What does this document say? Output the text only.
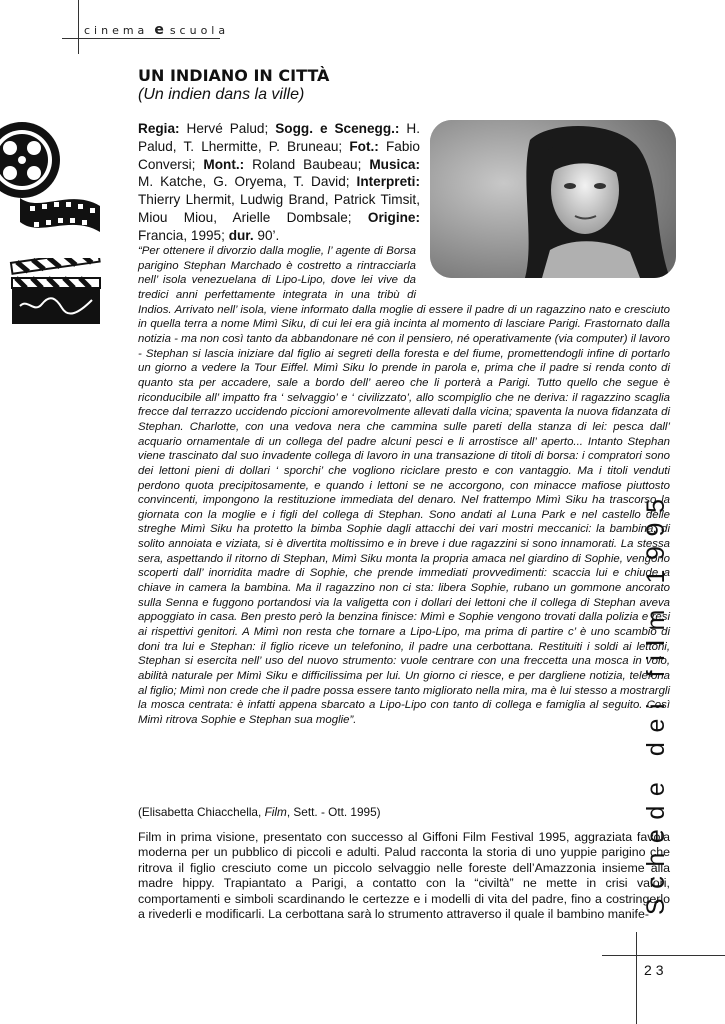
cinema e scuola
UN INDIANO IN CITTÀ
(Un indien dans la ville)
Regia: Hervé Palud; Sogg. e Scenegg.: H. Palud, T. Lhermitte, P. Bruneau; Fot.: Fabio Conversi; Mont.: Roland Baubeau; Musica: M. Katche, G. Oryema, T. David; Interpreti: Thierry Lhermit, Ludwig Brand, Patrick Timsit, Miou Miou, Arielle Dombsale; Origine: Francia, 1995; dur. 90’.

“Per ottenere il divorzio dalla moglie, l’ agente di Borsa parigino Stephan Marchado è costretto a rintracciarla nell’ isola venezuelana di Lipo-Lipo, dove lei vive da tredici anni perfettamente integrata in una tribù di Indios. Arrivato nell’ isola, viene informato dalla moglie di essere il padre di un ragazzino nato e cresciuto in quella terra a nome Mimì Siku, di cui lei era già incinta al momento di lasciare Parigi. Frastornato dalla notizia - ma non così tanto da abbandonare né con il pensiero, né operativamente (via computer) il lavoro - Stephan si lascia iniziare dal figlio ai segreti della foresta e del fiume, promettendogli infine di portarlo un giorno a vedere la Tour Eiffel. Mimì Siku lo prende in parola e, prima che il padre si renda conto di quanto sta per accadere, sale a bordo dell’ aereo che li porterà a Parigi. Tutto quello che segue è riconducibile all’ impatto fra ‘ selvaggio’ e ‘ civilizzato’, allo scompiglio che ne deriva: il ragazzino scaglia frecce dal terrazzo uccidendo piccioni amorevolmente allevati dalla vicina; spaventa la nuova fidanzata di Stephan. Charlotte, con una vedova nera che cammina sulle pareti della stanza di lei: pesca dall’ acquario ornamentale di un collega del padre alcuni pesci e li arrostisce all’ aperto... Intanto Stephan viene trascinato dal suo invadente collega di lavoro in una transazione di titoli di borsa: i compratori sono dei lettoni pieni di dollari ‘ sporchi’ che vogliono riciclare presto e con vantaggio. Ma i titoli venduti perdono quota precipitosamente, e quando i lettoni se ne accorgono, con minacce mafiose piuttosto convincenti, impongono la restituzione immediata del denaro. Nel frattempo Mimì Siku ha trascorso la giornata con la moglie e i figli del collega di Stephan. Sono andati al Luna Park e nel castello delle streghe Mimì Siku ha protetto la bimba Sophie dagli attacchi dei vari mostri meccanici: la bambina, di solito annoiata e viziata, si è divertita moltissimo e in breve i due ragazzini si sono innamorati. La stessa sera, aspettando il ritorno di Stephan, Mimì Siku monta la propria amaca nel giardino di Sophie, vengono scoperti dall’ inorridita madre di Sophie, che prende immediati provvedimenti: scaccia lui e chiude a chiave in camera la bambina. Ma il ragazzino non ci sta: libera Sophie, rubano un gommone ancorato sulla Senna e fuggono portandosi via la valigetta con i dollari dei lettoni che il collega di Stephan aveva appoggiato in casa. Ben presto però la benzina finisce: Mimì e Sophie vengono trovati dalla polizia e resi ai rispettivi genitori. A Mimì non resta che tornare a Lipo-Lipo, ma prima di partire c’ è uno scambio di doni tra lui e Stephan: il figlio riceve un telefonino, il padre una cerbottana. Restituiti i soldi ai lettoni, Stephan si esercita nell’ uso del nuovo strumento: vuole centrare con una freccetta una mosca in volo, abilità naturale per Mimì Siku e difficilissima per lui. Un giorno ci riesce, e per dargliene notizia, telefona al figlio; Mimì non crede che il padre possa essere tanto migliorato nella mira, ma è lui stesso a mostrargli la mosca centrata: è infatti appena sbarcato a Lipo-Lipo con tanto di collega e famiglia al seguito. Così Mimì ritrova Sophie e Stephan sua moglie”.

(Elisabetta Chiacchella, Film, Sett. - Ott. 1995)

Film in prima visione, presentato con successo al Giffoni Film Festival 1995, aggraziata favola moderna per un pubblico di piccoli e adulti. Palud racconta la storia di uno yuppie parigino che ritrova il figlio cresciuto come un piccolo selvaggio nelle foreste dell’Amazzonia insieme alla madre hippy. Trapiantato a Parigi, a contatto con la “civiltà” ne mette in crisi valori, comportamenti e simboli scardinando le certezze e i modelli di vita del padre, fino a costringerlo a rivederli e modificarli. La cerbottana sarà lo strumento attraverso il quale il bambino manife-

Schede dei film 1995
23
